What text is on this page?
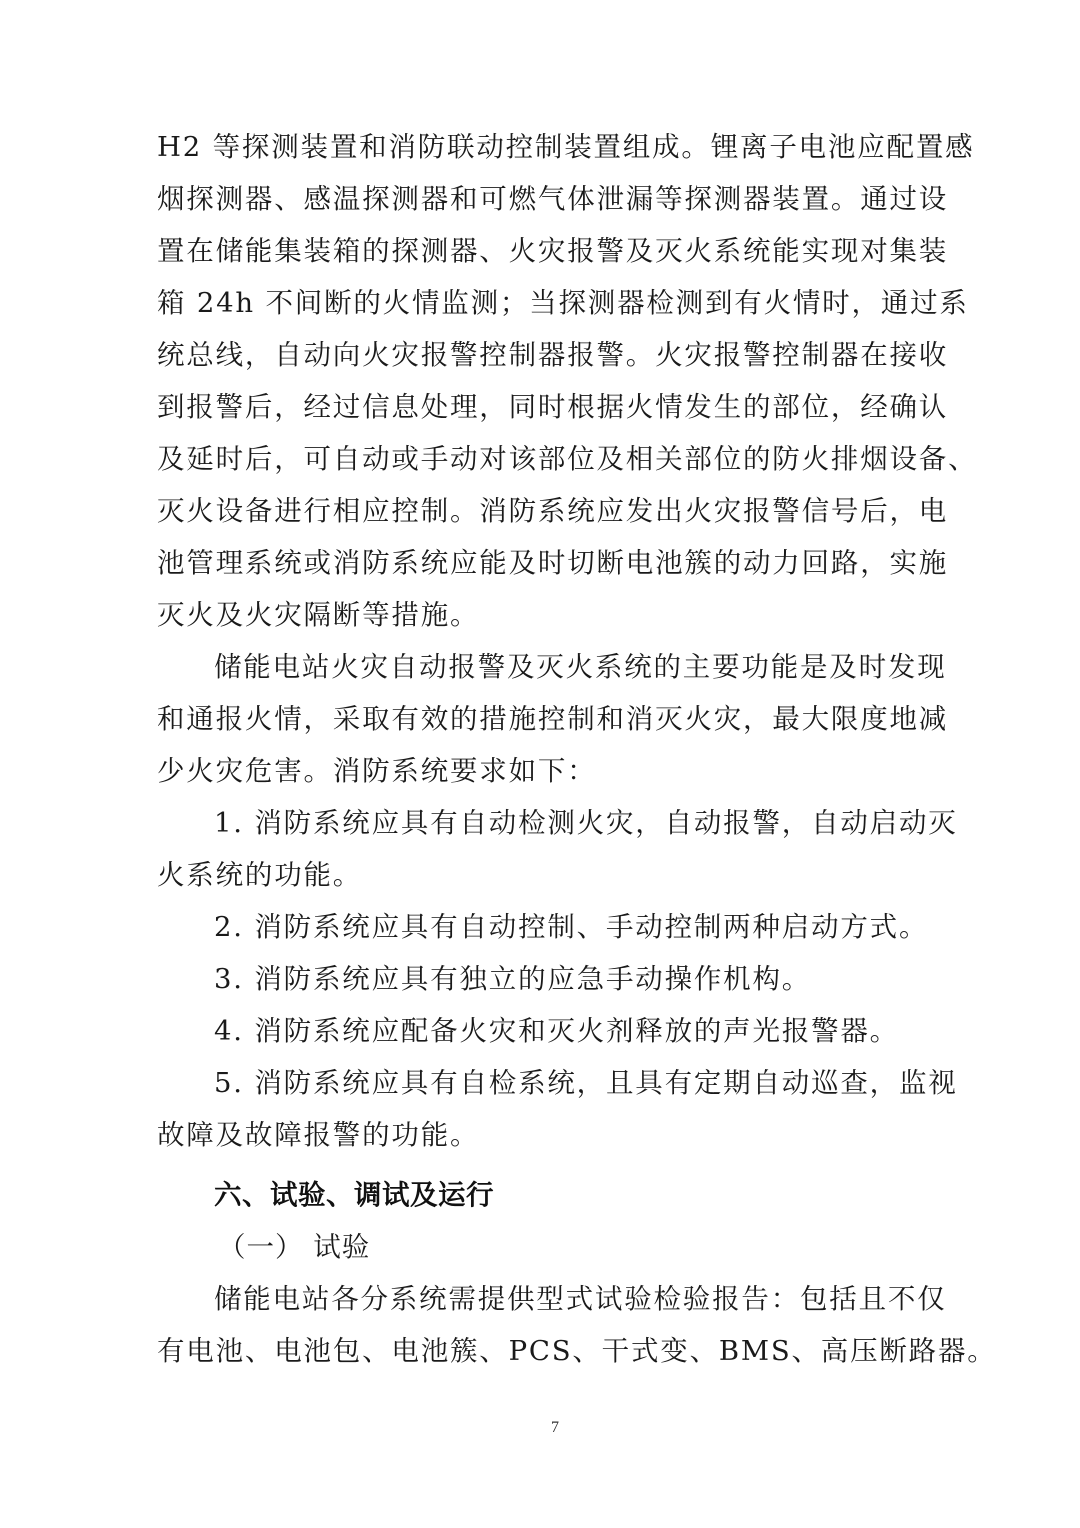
H2 等探测装置和消防联动控制装置组成。锂离子电池应配置感
烟探测器、感温探测器和可燃气体泄漏等探测器装置。通过设
置在储能集装箱的探测器、火灾报警及灭火系统能实现对集装
箱 24h 不间断的火情监测；当探测器检测到有火情时，通过系
统总线，自动向火灾报警控制器报警。火灾报警控制器在接收
到报警后，经过信息处理，同时根据火情发生的部位，经确认
及延时后，可自动或手动对该部位及相关部位的防火排烟设备、
灭火设备进行相应控制。消防系统应发出火灾报警信号后，电
池管理系统或消防系统应能及时切断电池簇的动力回路，实施
灭火及火灾隔断等措施。
储能电站火灾自动报警及灭火系统的主要功能是及时发现
和通报火情，采取有效的措施控制和消灭火灾，最大限度地减
少火灾危害。消防系统要求如下：
1. 消防系统应具有自动检测火灾，自动报警，自动启动灭
火系统的功能。
2. 消防系统应具有自动控制、手动控制两种启动方式。
3. 消防系统应具有独立的应急手动操作机构。
4. 消防系统应配备火灾和灭火剂释放的声光报警器。
5. 消防系统应具有自检系统，且具有定期自动巡查，监视
故障及故障报警的功能。
六、试验、调试及运行
（一） 试验
储能电站各分系统需提供型式试验检验报告：包括且不仅
有电池、电池包、电池簇、PCS、干式变、BMS、高压断路器。
7
